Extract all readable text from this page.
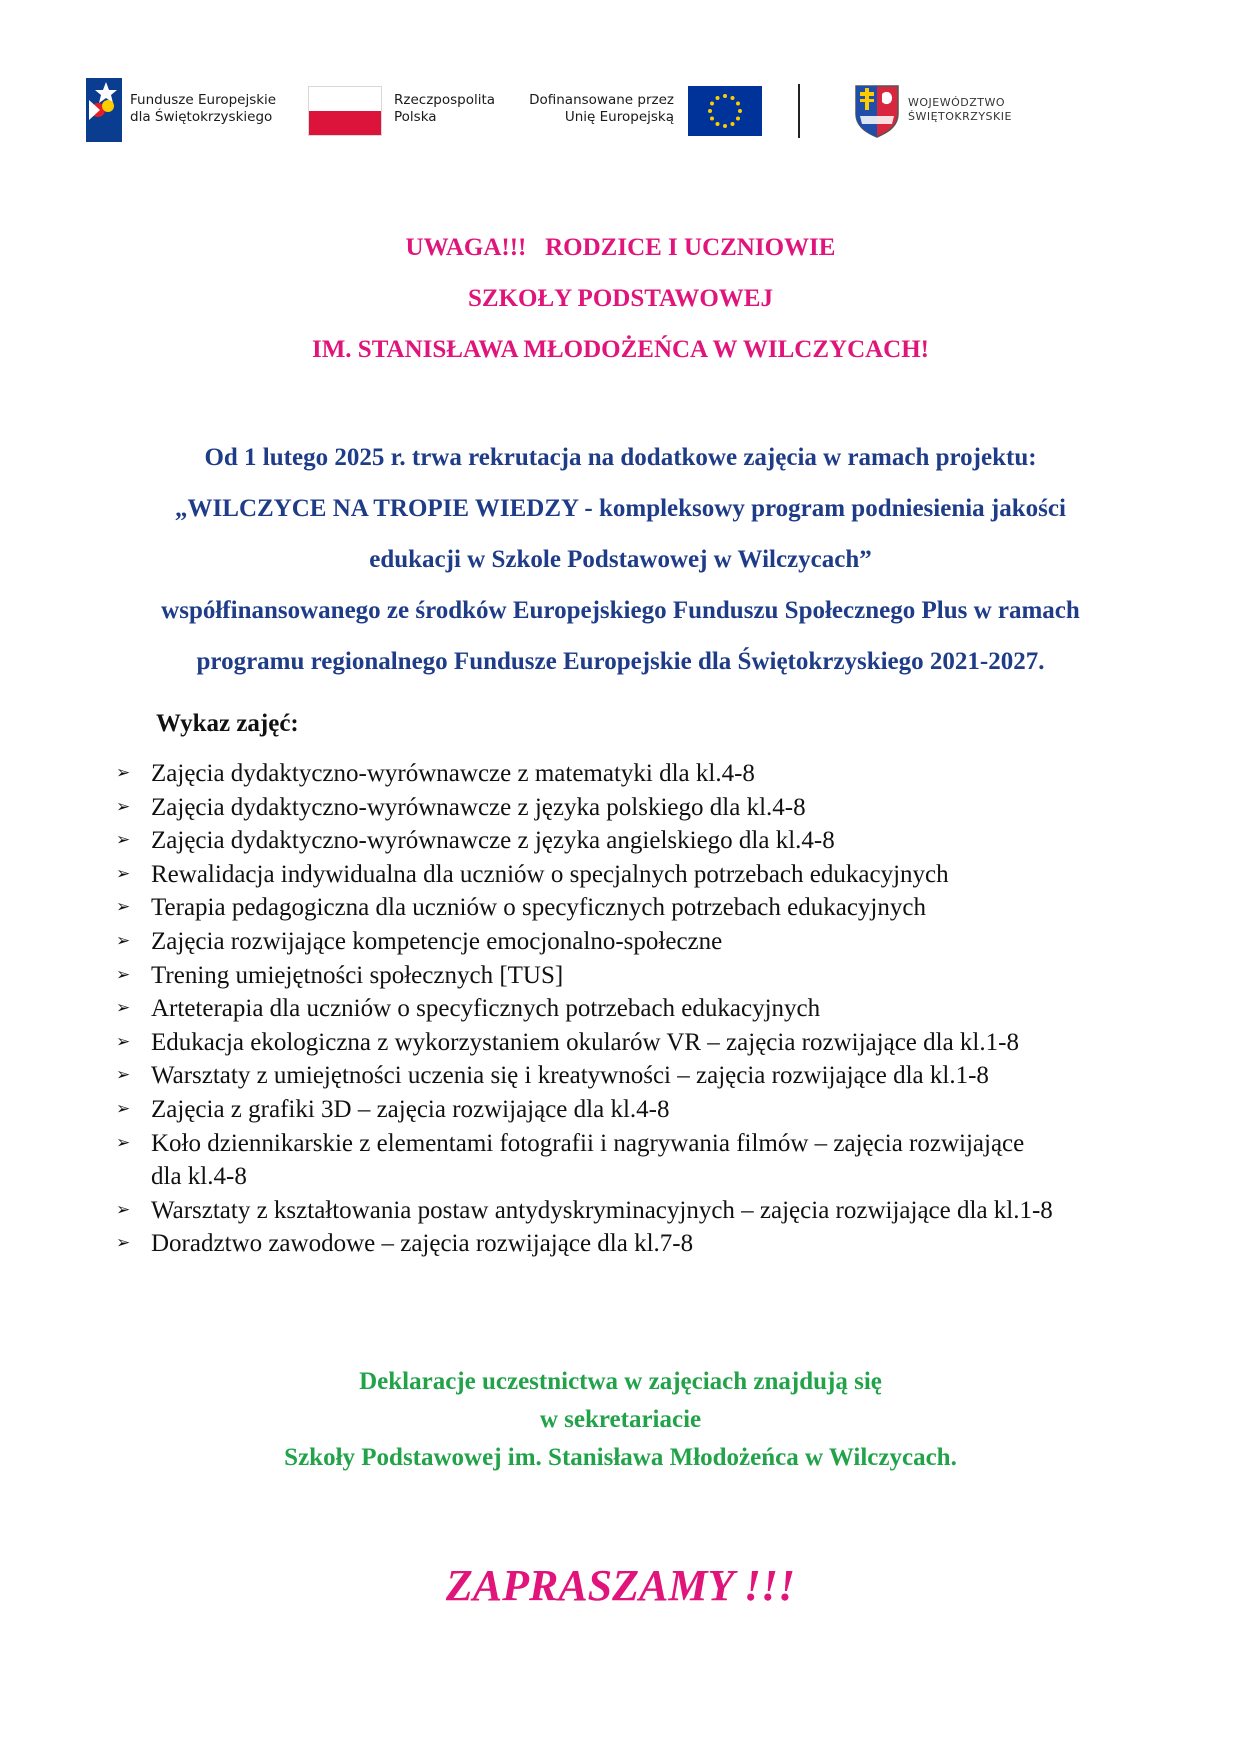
Fundusze Europejskie
dla Świętokrzyskiego
Rzeczpospolita
Polska
Dofinansowane przez
Unię Europejską
WOJEWÓDZTWO
ŚWIĘTOKRZYSKIE
UWAGA!!!   RODZICE I UCZNIOWIE
SZKOŁY PODSTAWOWEJ
IM. STANISŁAWA MŁODOŻEŃCA W WILCZYCACH!
Od 1 lutego 2025 r. trwa rekrutacja na dodatkowe zajęcia w ramach projektu:
„WILCZYCE NA TROPIE WIEDZY - kompleksowy program podniesienia jakości
edukacji w Szkole Podstawowej w Wilczycach”
współfinansowanego ze środków Europejskiego Funduszu Społecznego Plus w ramach
programu regionalnego Fundusze Europejskie dla Świętokrzyskiego 2021-2027.
Wykaz zajęć:
➢ Zajęcia dydaktyczno-wyrównawcze z matematyki dla kl.4-8
➢ Zajęcia dydaktyczno-wyrównawcze z języka polskiego dla kl.4-8
➢ Zajęcia dydaktyczno-wyrównawcze z języka angielskiego dla kl.4-8
➢ Rewalidacja indywidualna dla uczniów o specjalnych potrzebach edukacyjnych
➢ Terapia pedagogiczna dla uczniów o specyficznych potrzebach edukacyjnych
➢ Zajęcia rozwijające kompetencje emocjonalno-społeczne
➢ Trening umiejętności społecznych [TUS]
➢ Arteterapia dla uczniów o specyficznych potrzebach edukacyjnych
➢ Edukacja ekologiczna z wykorzystaniem okularów VR – zajęcia rozwijające dla kl.1-8
➢ Warsztaty z umiejętności uczenia się i kreatywności – zajęcia rozwijające dla kl.1-8
➢ Zajęcia z grafiki 3D – zajęcia rozwijające dla kl.4-8
➢ Koło dziennikarskie z elementami fotografii i nagrywania filmów – zajęcia rozwijające dla kl.4-8
➢ Warsztaty z kształtowania postaw antydyskryminacyjnych – zajęcia rozwijające dla kl.1-8
➢ Doradztwo zawodowe – zajęcia rozwijające dla kl.7-8
Deklaracje uczestnictwa w zajęciach znajdują się
w sekretariacie
Szkoły Podstawowej im. Stanisława Młodożeńca w Wilczycach.
ZAPRASZAMY !!!
